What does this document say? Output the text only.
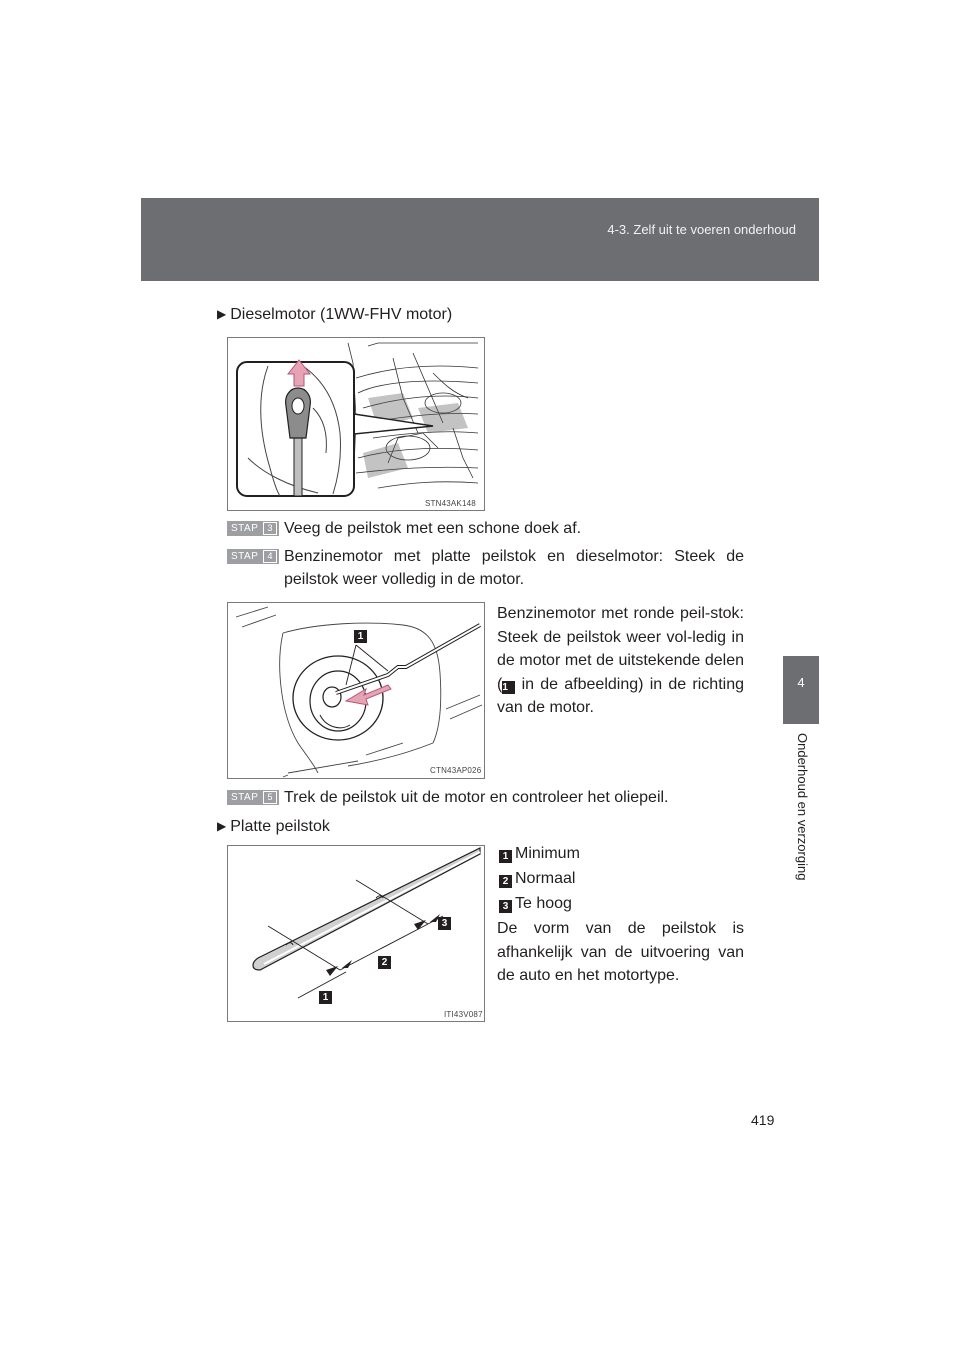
4-3. Zelf uit te voeren onderhoud
4
Onderhoud en verzorging
▶ Dieselmotor (1WW-FHV motor)
STN43AK148
STAP	3 Veeg de peilstok met een schone doek af.
STAP	4 Benzinemotor met platte peilstok en dieselmotor: Steek de peilstok weer volledig in de motor.
1
CTN43AP026
Benzinemotor met ronde peil-stok: Steek de peilstok weer vol-ledig in de motor met de uitstekende delen (1 in de afbeelding) in de richting van de motor.
STAP	5 Trek de peilstok uit de motor en controleer het oliepeil.
▶ Platte peilstok
1
2
3
ITI43V087
1 Minimum
2 Normaal
3 Te hoog
De vorm van de peilstok is afhankelijk van de uitvoering van de auto en het motortype.
419
